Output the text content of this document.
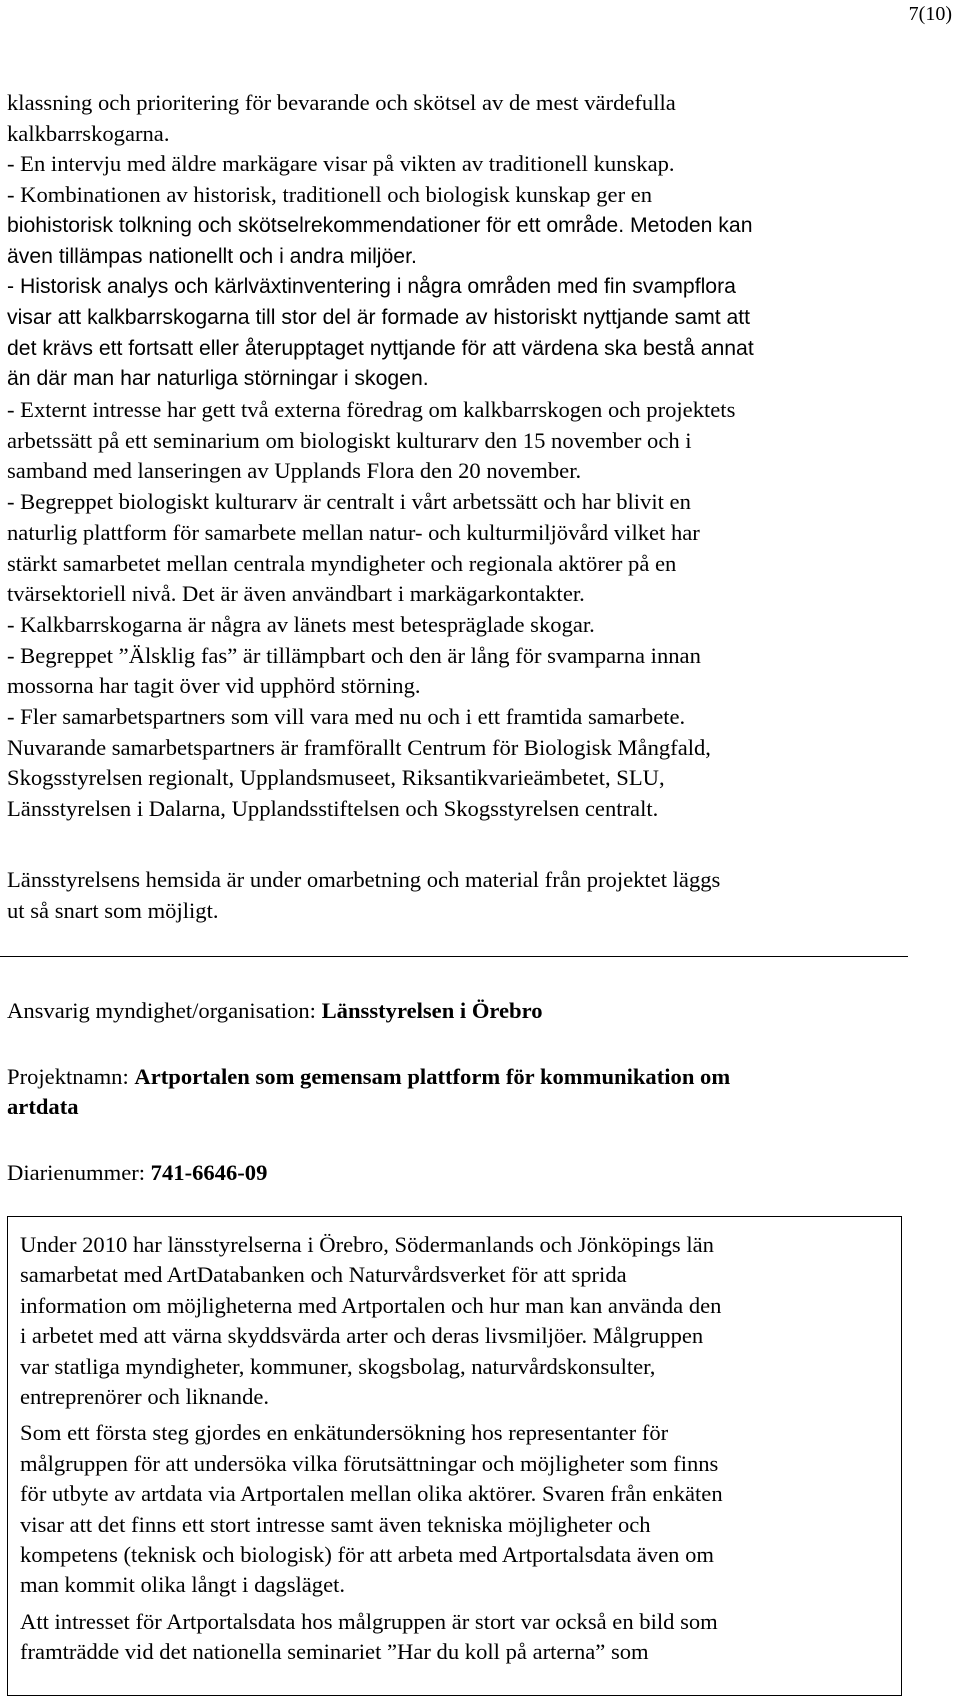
7(10)
klassning och prioritering för bevarande och skötsel av de mest värdefulla
kalkbarrskogarna.
- En intervju med äldre markägare visar på vikten av traditionell kunskap.
- Kombinationen av historisk, traditionell och biologisk kunskap ger en
biohistorisk tolkning och skötselrekommendationer för ett område. Metoden kan
även tillämpas nationellt och i andra miljöer.
- Historisk analys och kärlväxtinventering i några områden med fin svampflora
visar att kalkbarrskogarna till stor del är formade av historiskt nyttjande samt att
det krävs ett fortsatt eller återupptaget nyttjande för att värdena ska bestå annat
än där man har naturliga störningar i skogen.
- Externt intresse har gett två externa föredrag om kalkbarrskogen och projektets
arbetssätt på ett seminarium om biologiskt kulturarv den 15 november och i
samband med lanseringen av Upplands Flora den 20 november.
- Begreppet biologiskt kulturarv är centralt i vårt arbetssätt och har blivit en
naturlig plattform för samarbete mellan natur- och kulturmiljövård vilket har
stärkt samarbetet mellan centrala myndigheter och regionala aktörer på en
tvärsektoriell nivå. Det är även användbart i markägarkontakter.
- Kalkbarrskogarna är några av länets mest betespräglade skogar.
- Begreppet ”Älsklig fas” är tillämpbart och den är lång för svamparna innan
mossorna har tagit över vid upphörd störning.
- Fler samarbetspartners som vill vara med nu och i ett framtida samarbete.
Nuvarande samarbetspartners är framförallt Centrum för Biologisk Mångfald,
Skogsstyrelsen regionalt, Upplandsmuseet, Riksantikvarieämbetet, SLU,
Länsstyrelsen i Dalarna, Upplandsstiftelsen och Skogsstyrelsen centralt.
Länsstyrelsens hemsida är under omarbetning och material från projektet läggs
ut så snart som möjligt.
Ansvarig myndighet/organisation: Länsstyrelsen i Örebro
Projektnamn: Artportalen som gemensam plattform för kommunikation om
artdata
Diarienummer: 741-6646-09
Under 2010 har länsstyrelserna i Örebro, Södermanlands och Jönköpings län
samarbetat med ArtDatabanken och Naturvårdsverket för att sprida
information om möjligheterna med Artportalen och hur man kan använda den
i arbetet med att värna skyddsvärda arter och deras livsmiljöer. Målgruppen
var statliga myndigheter, kommuner, skogsbolag, naturvårdskonsulter,
entreprenörer och liknande.
Som ett första steg gjordes en enkätundersökning hos representanter för
målgruppen för att undersöka vilka förutsättningar och möjligheter som finns
för utbyte av artdata via Artportalen mellan olika aktörer. Svaren från enkäten
visar att det finns ett stort intresse samt även tekniska möjligheter och
kompetens (teknisk och biologisk) för att arbeta med Artportalsdata även om
man kommit olika långt i dagsläget.
Att intresset för Artportalsdata hos målgruppen är stort var också en bild som
framträdde vid det nationella seminariet ”Har du koll på arterna” som
